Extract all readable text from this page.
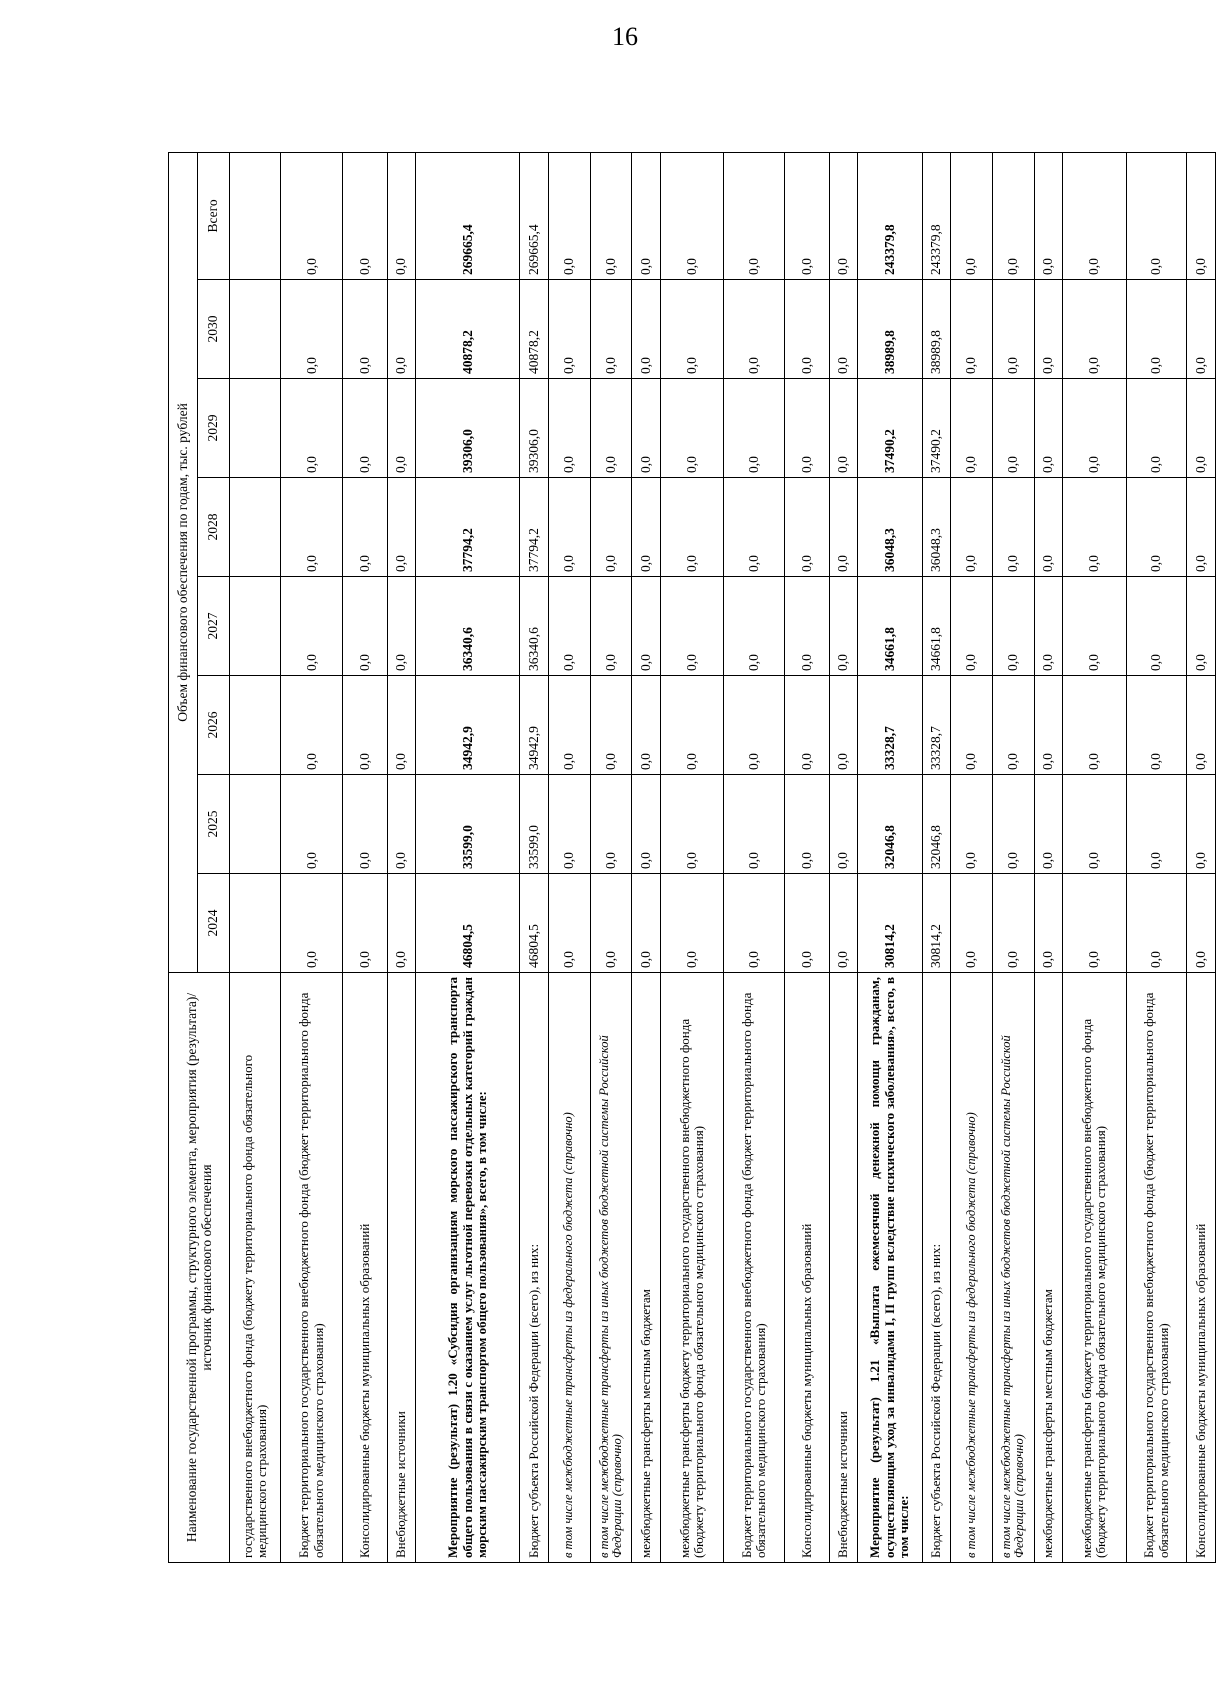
16
Наименование государственной программы, структурного элемента, мероприятия (результата)/источник финансового обеспечения	Объем финансового обеспечения по годам, тыс. рублей							
	2024	2025	2026	2027	2028	2029	2030	Всего
государственного внебюджетного фонда (бюджету территориального фонда обязательного медицинского страхования)								
Бюджет территориального государственного внебюджетного фонда (бюджет территориального фонда обязательного медицинского страхования)	0,0	0,0	0,0	0,0	0,0	0,0	0,0	0,0
Консолидированные бюджеты муниципальных образований	0,0	0,0	0,0	0,0	0,0	0,0	0,0	0,0
Внебюджетные источники	0,0	0,0	0,0	0,0	0,0	0,0	0,0	0,0
Мероприятие (результат) 1.20 «Субсидия организациям морского пассажирского транспорта общего пользования в связи с оказанием услуг льготной перевозки отдельных категорий граждан морским пассажирским транспортом общего пользования», всего, в том числе:	46804,5	33599,0	34942,9	36340,6	37794,2	39306,0	40878,2	269665,4
Бюджет субъекта Российской Федерации (всего), из них:	46804,5	33599,0	34942,9	36340,6	37794,2	39306,0	40878,2	269665,4
в том числе межбюджетные трансферты из федерального бюджета (справочно)	0,0	0,0	0,0	0,0	0,0	0,0	0,0	0,0
в том числе межбюджетные трансферты из иных бюджетов бюджетной системы Российской Федерации (справочно)	0,0	0,0	0,0	0,0	0,0	0,0	0,0	0,0
межбюджетные трансферты местным бюджетам	0,0	0,0	0,0	0,0	0,0	0,0	0,0	0,0
межбюджетные трансферты бюджету территориального государственного внебюджетного фонда (бюджету территориального фонда обязательного медицинского страхования)	0,0	0,0	0,0	0,0	0,0	0,0	0,0	0,0
Бюджет территориального государственного внебюджетного фонда (бюджет территориального фонда обязательного медицинского страхования)	0,0	0,0	0,0	0,0	0,0	0,0	0,0	0,0
Консолидированные бюджеты муниципальных образований	0,0	0,0	0,0	0,0	0,0	0,0	0,0	0,0
Внебюджетные источники	0,0	0,0	0,0	0,0	0,0	0,0	0,0	0,0
Мероприятие (результат) 1.21 «Выплата ежемесячной денежной помощи гражданам, осуществляющим уход за инвалидами I, II групп вследствие психического заболевания», всего, в том числе:	30814,2	32046,8	33328,7	34661,8	36048,3	37490,2	38989,8	243379,8
Бюджет субъекта Российской Федерации (всего), из них:	30814,2	32046,8	33328,7	34661,8	36048,3	37490,2	38989,8	243379,8
в том числе межбюджетные трансферты из федерального бюджета (справочно)	0,0	0,0	0,0	0,0	0,0	0,0	0,0	0,0
в том числе межбюджетные трансферты из иных бюджетов бюджетной системы Российской Федерации (справочно)	0,0	0,0	0,0	0,0	0,0	0,0	0,0	0,0
межбюджетные трансферты местным бюджетам	0,0	0,0	0,0	0,0	0,0	0,0	0,0	0,0
межбюджетные трансферты бюджету территориального государственного внебюджетного фонда (бюджету территориального фонда обязательного медицинского страхования)	0,0	0,0	0,0	0,0	0,0	0,0	0,0	0,0
Бюджет территориального государственного внебюджетного фонда (бюджет территориального фонда обязательного медицинского страхования)	0,0	0,0	0,0	0,0	0,0	0,0	0,0	0,0
Консолидированные бюджеты муниципальных образований	0,0	0,0	0,0	0,0	0,0	0,0	0,0	0,0
